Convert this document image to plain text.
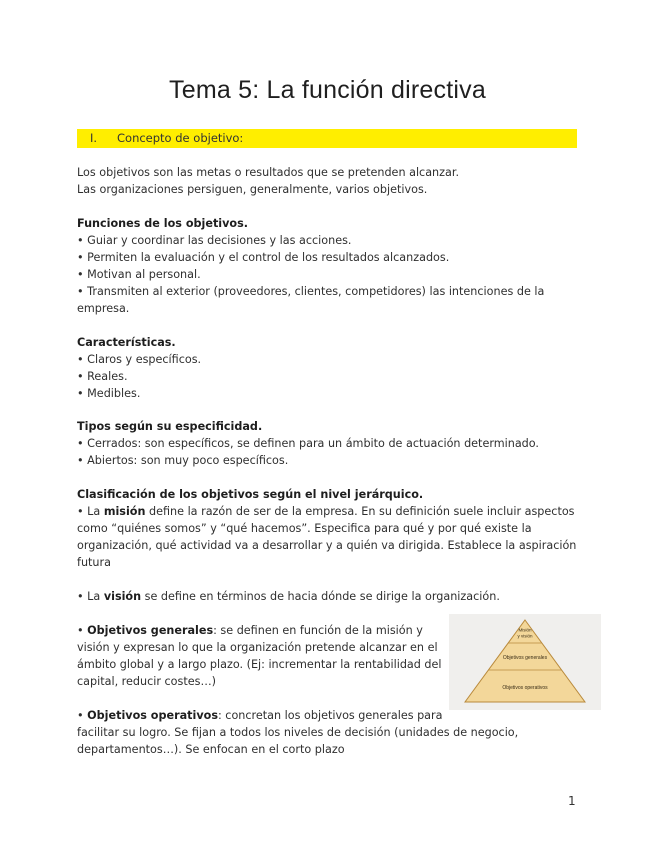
Tema 5: La función directiva
I. Concepto de objetivo:
Los objetivos son las metas o resultados que se pretenden alcanzar.
Las organizaciones persiguen, generalmente, varios objetivos.
Funciones de los objetivos.
• Guiar y coordinar las decisiones y las acciones.
• Permiten la evaluación y el control de los resultados alcanzados.
• Motivan al personal.
• Transmiten al exterior (proveedores, clientes, competidores) las intenciones de la
empresa.
Características.
• Claros y específicos.
• Reales.
• Medibles.
Tipos según su especificidad.
• Cerrados: son específicos, se definen para un ámbito de actuación determinado.
• Abiertos: son muy poco específicos.
Clasificación de los objetivos según el nivel jerárquico.
• La misión define la razón de ser de la empresa. En su definición suele incluir aspectos
como “quiénes somos” y “qué hacemos”. Especifica para qué y por qué existe la
organización, qué actividad va a desarrollar y a quién va dirigida. Establece la aspiración
futura
• La visión se define en términos de hacia dónde se dirige la organización.
• Objetivos generales: se definen en función de la misión y
visión y expresan lo que la organización pretende alcanzar en el
ámbito global y a largo plazo. (Ej: incrementar la rentabilidad del
capital, reducir costes…)
• Objetivos operativos: concretan los objetivos generales para
facilitar su logro. Se fijan a todos los niveles de decisión (unidades de negocio,
departamentos…). Se enfocan en el corto plazo
Misión
y visión
Objetivos generales
Objetivos operativos
1
